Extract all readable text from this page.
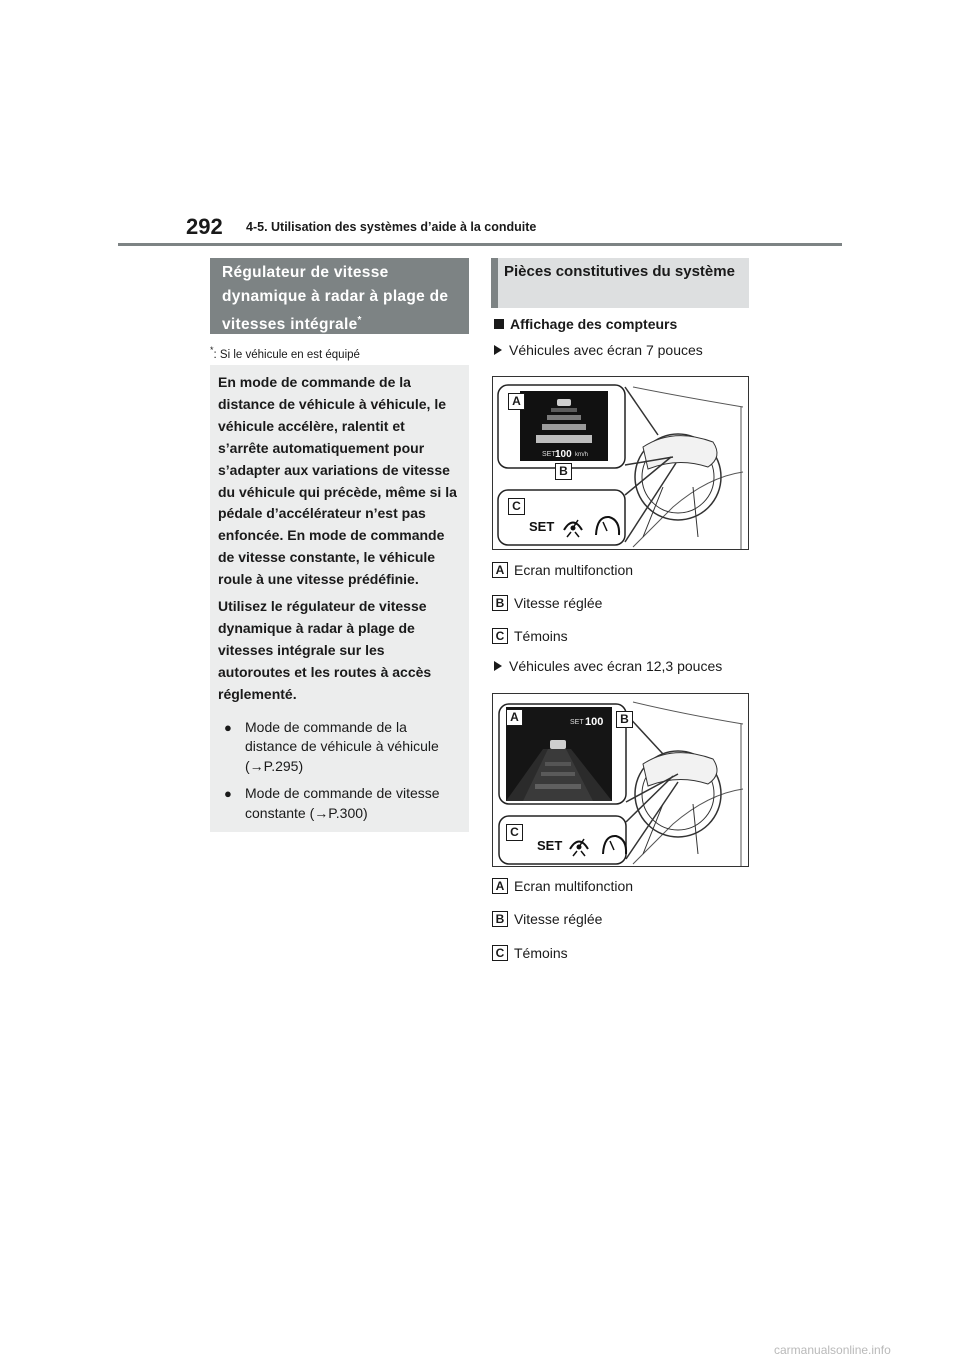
292 4-5. Utilisation des systèmes d’aide à la conduite
Régulateur de vitesse dynamique à radar à plage de vitesses intégrale*
*: Si le véhicule en est équipé

En mode de commande de la distance de véhicule à véhicule, le véhicule accélère, ralentit et s’arrête automatiquement pour s’adapter aux variations de vitesse du véhicule qui précède, même si la pédale d’accélérateur n’est pas enfoncée. En mode de commande de vitesse constante, le véhicule roule à une vitesse prédéfinie.

Utilisez le régulateur de vitesse dynamique à radar à plage de vitesses intégrale sur les autoroutes et les routes à accès réglementé.

● Mode de commande de la distance de véhicule à véhicule (→P.295)
● Mode de commande de vitesse constante (→P.300)
Pièces constitutives du système
Affichage des compteurs
Véhicules avec écran 7 pouces
SET 100 km/h
SET
A
B
C
A Ecran multifonction
B Vitesse réglée
C Témoins
Véhicules avec écran 12,3 pouces
SET 100
SET
A	B
C
A Ecran multifonction
B Vitesse réglée
C Témoins
carmanualsonline.info
